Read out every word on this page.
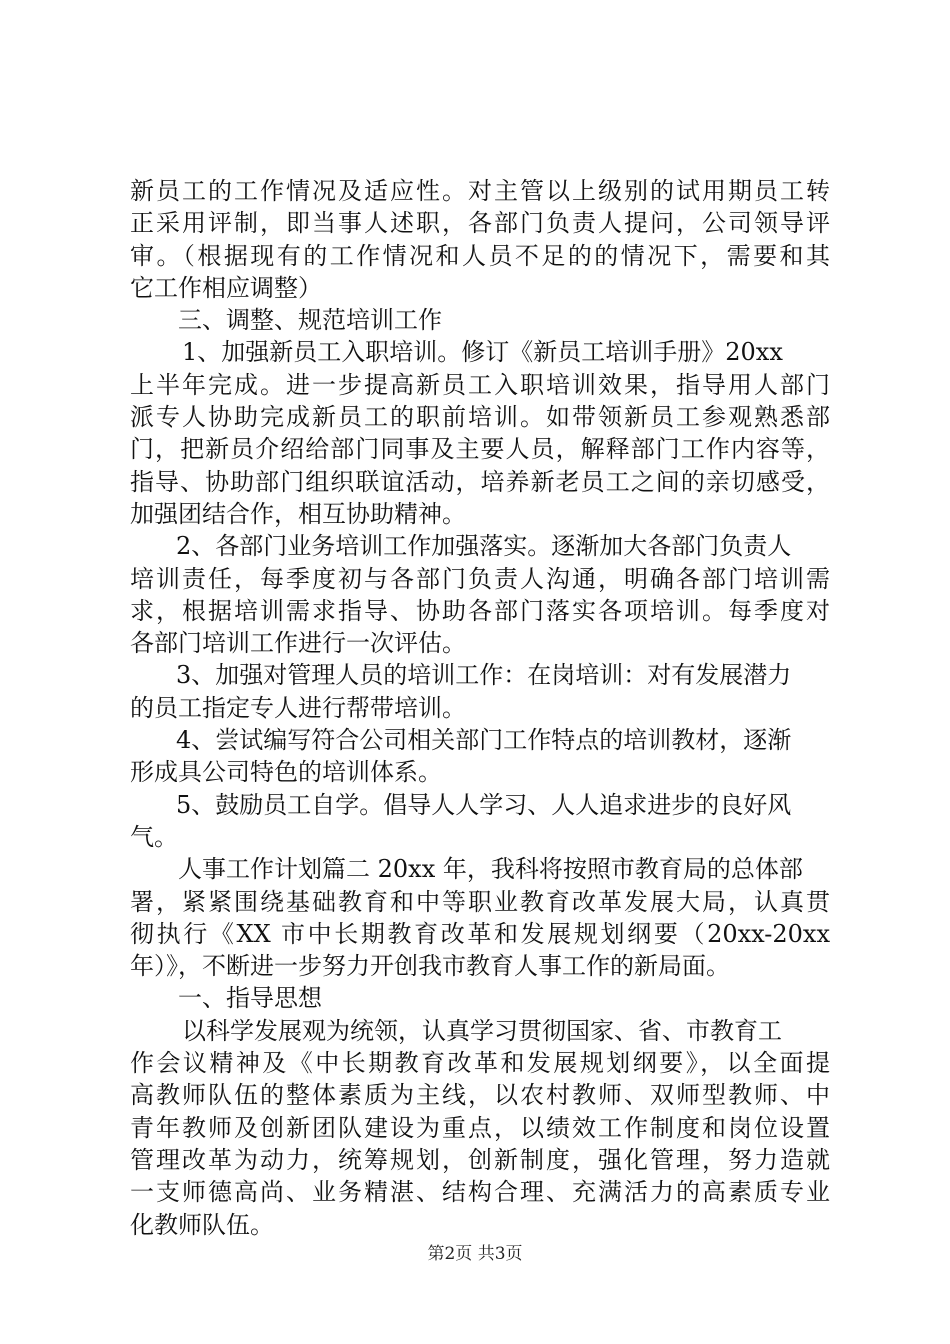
新员工的工作情况及适应性。对主管以上级别的试用期员工转
正采用评制，即当事人述职，各部门负责人提问，公司领导评
审。（根据现有的工作情况和人员不足的的情况下，需要和其
它工作相应调整）
三、调整、规范培训工作
1、加强新员工入职培训。修订《新员工培训手册》20xx
上半年完成。进一步提高新员工入职培训效果，指导用人部门
派专人协助完成新员工的职前培训。如带领新员工参观熟悉部
门，把新员介绍给部门同事及主要人员，解释部门工作内容等，
指导、协助部门组织联谊活动，培养新老员工之间的亲切感受，
加强团结合作，相互协助精神。
2、各部门业务培训工作加强落实。逐渐加大各部门负责人
培训责任，每季度初与各部门负责人沟通，明确各部门培训需
求，根据培训需求指导、协助各部门落实各项培训。每季度对
各部门培训工作进行一次评估。
3、加强对管理人员的培训工作：在岗培训：对有发展潜力
的员工指定专人进行帮带培训。
4、尝试编写符合公司相关部门工作特点的培训教材，逐渐
形成具公司特色的培训体系。
5、鼓励员工自学。倡导人人学习、人人追求进步的良好风
气。
人事工作计划篇二 20xx 年，我科将按照市教育局的总体部
署，紧紧围绕基础教育和中等职业教育改革发展大局，认真贯
彻执行《XX 市中长期教育改革和发展规划纲要（20xx-20xx
年）》，不断进一步努力开创我市教育人事工作的新局面。
一、指导思想
以科学发展观为统领，认真学习贯彻国家、省、市教育工
作会议精神及《中长期教育改革和发展规划纲要》，以全面提
高教师队伍的整体素质为主线，以农村教师、双师型教师、中
青年教师及创新团队建设为重点，以绩效工作制度和岗位设置
管理改革为动力，统筹规划，创新制度，强化管理，努力造就
一支师德高尚、业务精湛、结构合理、充满活力的高素质专业
化教师队伍。
第2页 共3页
